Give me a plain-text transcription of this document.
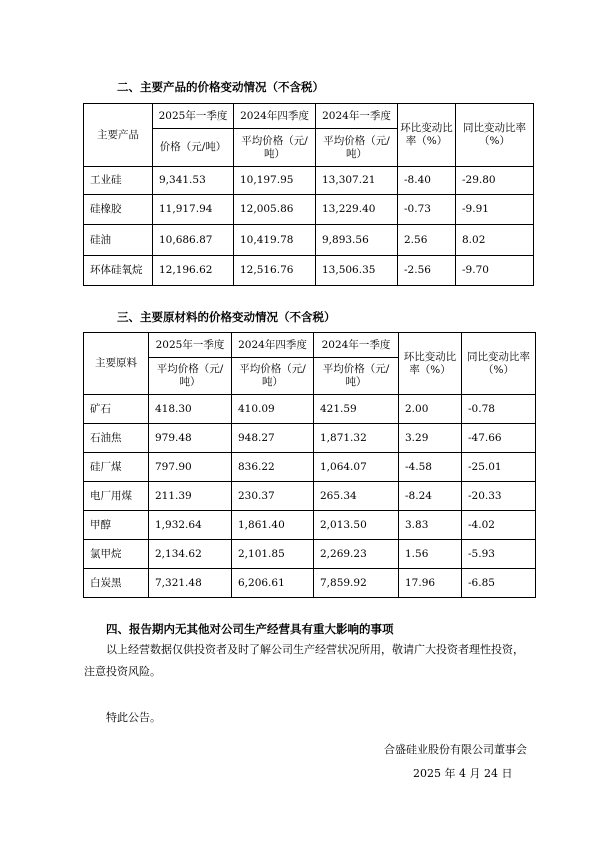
二、主要产品的价格变动情况（不含税）
主要产品	2025年一季度	2024年四季度	2024年一季度	环比变动比率（%）	同比变动比率（%）
	价格（元/吨）	平均价格（元/吨）	平均价格（元/吨）		
工业硅	9,341.53	10,197.95	13,307.21	-8.40	-29.80
硅橡胶	11,917.94	12,005.86	13,229.40	-0.73	-9.91
硅油	10,686.87	10,419.78	9,893.56	2.56	8.02
环体硅氧烷	12,196.62	12,516.76	13,506.35	-2.56	-9.70
三、主要原材料的价格变动情况（不含税）
主要原料	2025年一季度	2024年四季度	2024年一季度	环比变动比率（%）	同比变动比率（%）
	平均价格（元/吨）	平均价格（元/吨）	平均价格（元/吨）		
矿石	418.30	410.09	421.59	2.00	-0.78
石油焦	979.48	948.27	1,871.32	3.29	-47.66
硅厂煤	797.90	836.22	1,064.07	-4.58	-25.01
电厂用煤	211.39	230.37	265.34	-8.24	-20.33
甲醇	1,932.64	1,861.40	2,013.50	3.83	-4.02
氯甲烷	2,134.62	2,101.85	2,269.23	1.56	-5.93
白炭黑	7,321.48	6,206.61	7,859.92	17.96	-6.85
四、报告期内无其他对公司生产经营具有重大影响的事项
以上经营数据仅供投资者及时了解公司生产经营状况所用，敬请广大投资者理性投资，注意投资风险。
特此公告。
合盛硅业股份有限公司董事会
2025 年 4 月 24 日
